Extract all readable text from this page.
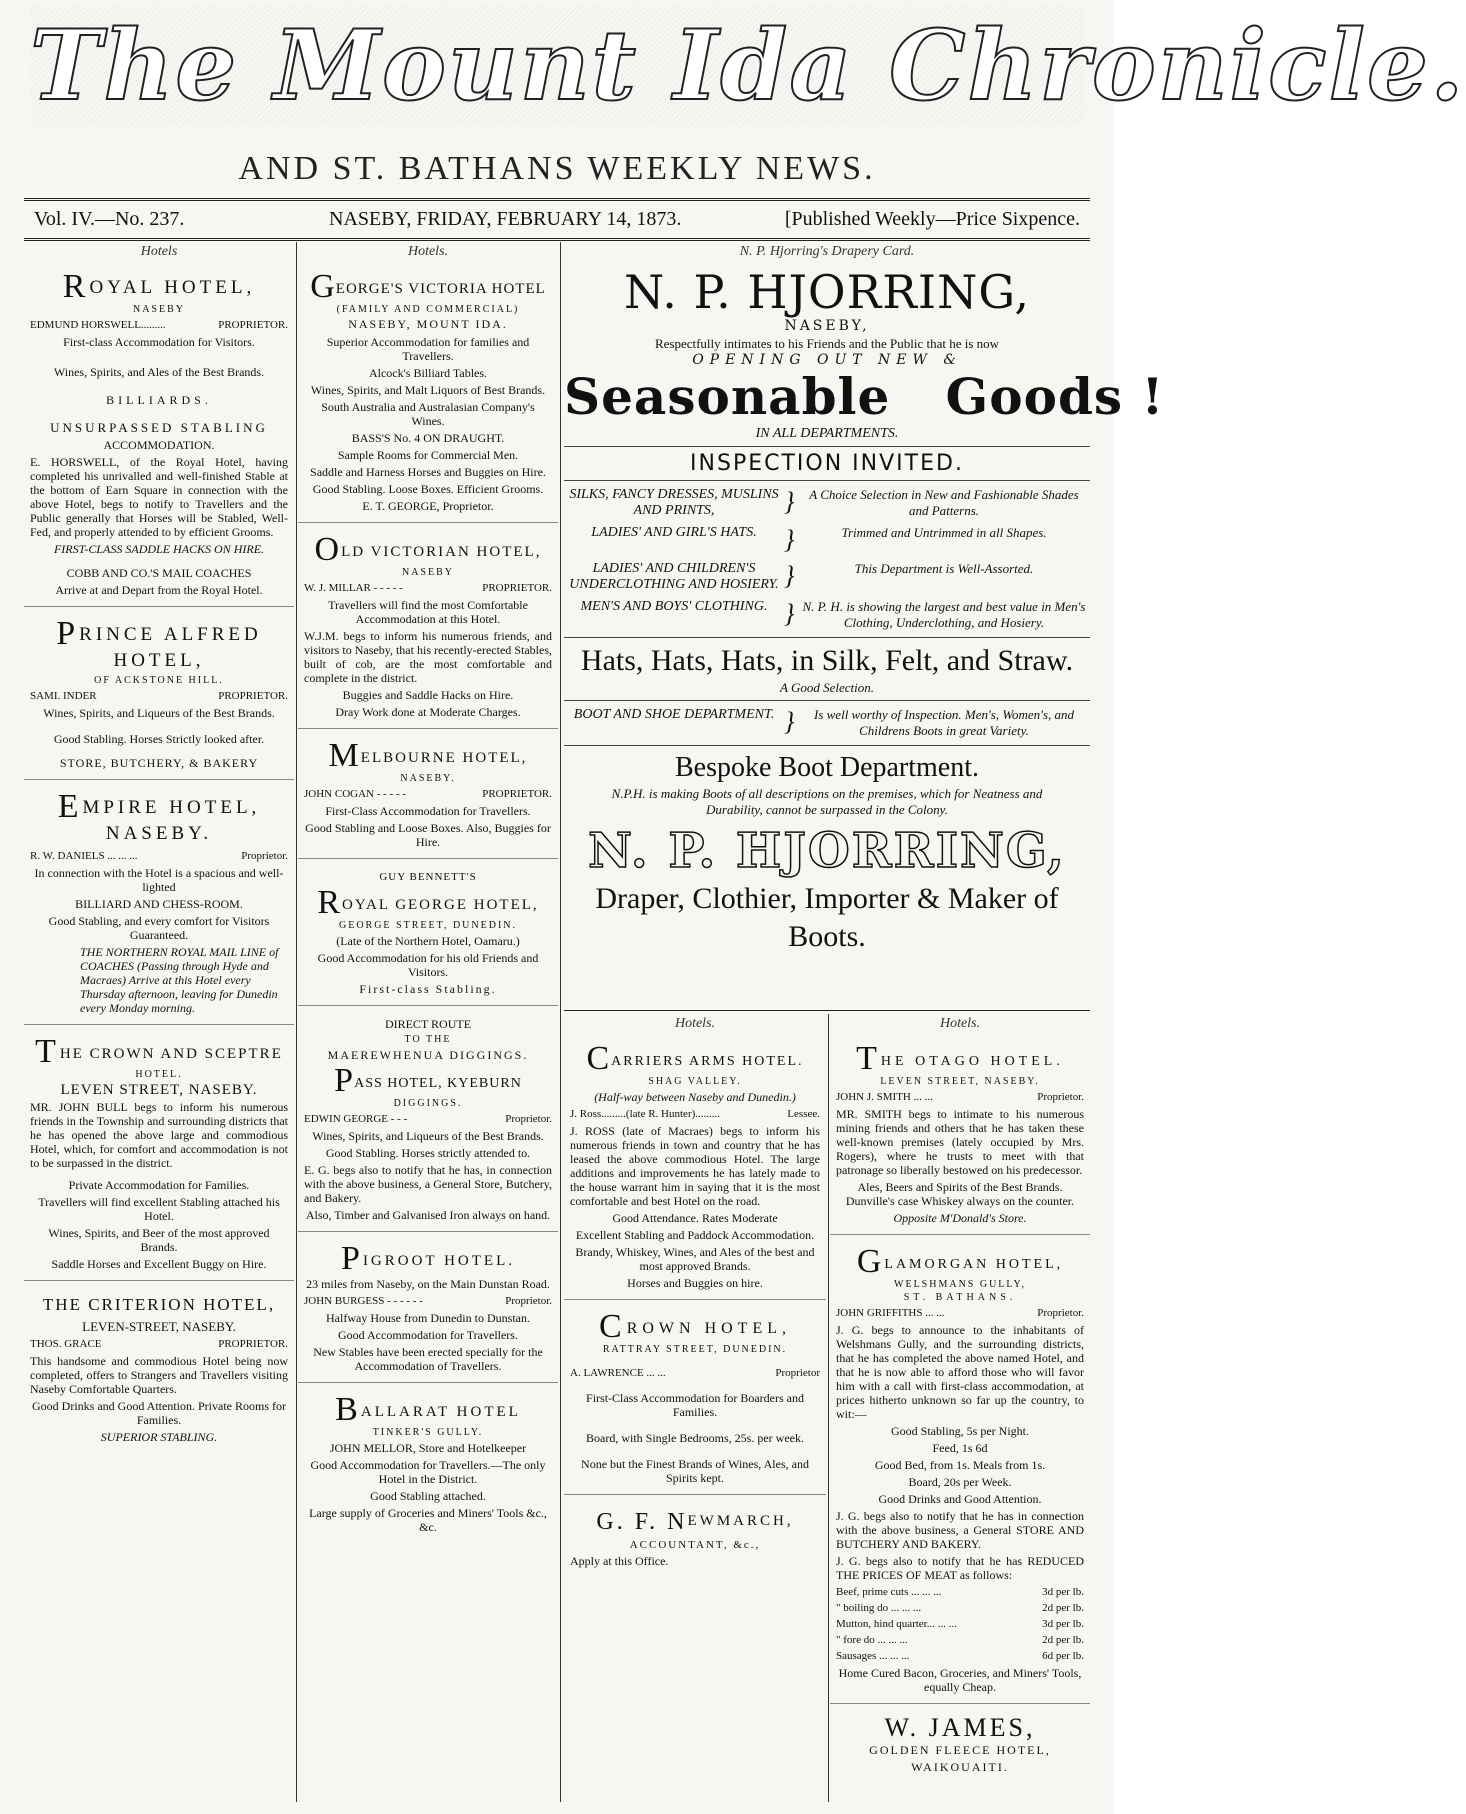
The Mount Ida Chronicle.
AND ST. BATHANS WEEKLY NEWS.
Vol. IV.—No. 237.	NASEBY, FRIDAY, FEBRUARY 14, 1873.	[Published Weekly—Price Sixpence.
Hotels
ROYAL HOTEL,
NASEBY
EDMUND HORSWELL.........	PROPRIETOR.

First-class Accommodation for Visitors.

Wines, Spirits, and Ales of the Best Brands.

BILLIARDS.

UNSURPASSED STABLING

ACCOMMODATION.

E. HORSWELL, of the Royal Hotel, having completed his unrivalled and well-finished Stable at the bottom of Earn Square in connection with the above Hotel, begs to notify to Travellers and the Public generally that Horses will be Stabled, Well-Fed, and properly attended to by efficient Grooms.

FIRST-CLASS SADDLE HACKS ON HIRE.

COBB AND CO.'S MAIL COACHES

Arrive at and Depart from the Royal Hotel.

PRINCE ALFRED HOTEL,
OF ACKSTONE HILL.
SAMI. INDER	PROPRIETOR.

Wines, Spirits, and Liqueurs of the Best Brands.

Good Stabling. Horses Strictly looked after.

STORE, BUTCHERY, & BAKERY

EMPIRE HOTEL, NASEBY.
R. W. DANIELS ... ... ...	Proprietor.

In connection with the Hotel is a spacious and well-lighted

BILLIARD AND CHESS-ROOM.

Good Stabling, and every comfort for Visitors Guaranteed.

THE NORTHERN ROYAL MAIL LINE of COACHES (Passing through Hyde and Macraes) Arrive at this Hotel every Thursday afternoon, leaving for Dunedin every Monday morning.

THE CROWN AND SCEPTRE
HOTEL.

LEVEN STREET, NASEBY.

MR. JOHN BULL begs to inform his numerous friends in the Township and surrounding districts that he has opened the above large and commodious Hotel, which, for comfort and accommodation is not to be surpassed in the district.

Private Accommodation for Families.

Travellers will find excellent Stabling attached his Hotel.

Wines, Spirits, and Beer of the most approved Brands.

Saddle Horses and Excellent Buggy on Hire.

THE CRITERION HOTEL,

LEVEN-STREET, NASEBY.

THOS. GRACE	PROPRIETOR.

This handsome and commodious Hotel being now completed, offers to Strangers and Travellers visiting Naseby Comfortable Quarters.

Good Drinks and Good Attention. Private Rooms for Families.

SUPERIOR STABLING.

Hotels.
GEORGE'S VICTORIA HOTEL
(FAMILY AND COMMERCIAL)
NASEBY, MOUNT IDA.

Superior Accommodation for families and Travellers.

Alcock's Billiard Tables.

Wines, Spirits, and Malt Liquors of Best Brands.

South Australia and Australasian Company's Wines.

BASS'S No. 4 ON DRAUGHT.

Sample Rooms for Commercial Men.

Saddle and Harness Horses and Buggies on Hire.

Good Stabling. Loose Boxes. Efficient Grooms.

E. T. GEORGE, Proprietor.

OLD VICTORIAN HOTEL,
NASEBY
W. J. MILLAR - - - - -	PROPRIETOR.

Travellers will find the most Comfortable Accommodation at this Hotel.

W.J.M. begs to inform his numerous friends, and visitors to Naseby, that his recently-erected Stables, built of cob, are the most comfortable and complete in the district.

Buggies and Saddle Hacks on Hire.

Dray Work done at Moderate Charges.

MELBOURNE HOTEL,
NASEBY.
JOHN COGAN - - - - -	PROPRIETOR.

First-Class Accommodation for Travellers.

Good Stabling and Loose Boxes. Also, Buggies for Hire.

GUY BENNETT'S

ROYAL GEORGE HOTEL,
GEORGE STREET, DUNEDIN.

(Late of the Northern Hotel, Oamaru.)

Good Accommodation for his old Friends and Visitors.

First-class Stabling.

DIRECT ROUTE

TO THE

MAEREWHENUA DIGGINGS.

PASS HOTEL, KYEBURN
DIGGINGS.
EDWIN GEORGE - - -	Proprietor.

Wines, Spirits, and Liqueurs of the Best Brands.

Good Stabling. Horses strictly attended to.

E. G. begs also to notify that he has, in connection with the above business, a General Store, Butchery, and Bakery.

Also, Timber and Galvanised Iron always on hand.

PIGROOT HOTEL.

23 miles from Naseby, on the Main Dunstan Road.

JOHN BURGESS - - - - - -	Proprietor.

Halfway House from Dunedin to Dunstan.

Good Accommodation for Travellers.

New Stables have been erected specially for the Accommodation of Travellers.

BALLARAT HOTEL
TINKER'S GULLY.

JOHN MELLOR, Store and Hotelkeeper

Good Accommodation for Travellers.—The only Hotel in the District.

Good Stabling attached.

Large supply of Groceries and Miners' Tools &c., &c.

N. P. Hjorring's Drapery Card.
N. P. HJORRING,
NASEBY,
Respectfully intimates to his Friends and the Public that he is now
OPENING OUT NEW &
Seasonable   Goods !
IN ALL DEPARTMENTS.
INSPECTION INVITED.
SILKS, FANCY DRESSES, MUSLINS AND PRINTS,	}	A Choice Selection in New and Fashionable Shades and Patterns.
LADIES' AND GIRL'S HATS.	}	Trimmed and Untrimmed in all Shapes.
LADIES' AND CHILDREN'S UNDERCLOTHING AND HOSIERY. }	This Department is Well-Assorted.
MEN'S AND BOYS' CLOTHING. } N. P. H. is showing the largest and best value in Men's Clothing, Underclothing, and Hosiery.
Hats, Hats, Hats, in Silk, Felt, and Straw.
A Good Selection.
BOOT AND SHOE DEPARTMENT. }	Is well worthy of Inspection. Men's, Women's, and Childrens Boots in great Variety.
Bespoke Boot Department.
N.P.H. is making Boots of all descriptions on the premises, which for Neatness and Durability, cannot be surpassed in the Colony.
N. P. HJORRING,
Draper, Clothier, Importer & Maker of Boots.
Hotels.
CARRIERS ARMS HOTEL.
SHAG VALLEY.

(Half-way between Naseby and Dunedin.)

J. Ross.........(late R. Hunter).........	Lessee.

J. ROSS (late of Macraes) begs to inform his numerous friends in town and country that he has leased the above commodious Hotel. The large additions and improvements he has lately made to the house warrant him in saying that it is the most comfortable and best Hotel on the road.

Good Attendance. Rates Moderate

Excellent Stabling and Paddock Accommodation.

Brandy, Whiskey, Wines, and Ales of the best and most approved Brands.

Horses and Buggies on hire.

CROWN HOTEL,
RATTRAY STREET, DUNEDIN.
A. LAWRENCE ... ...	Proprietor

First-Class Accommodation for Boarders and Families.

Board, with Single Bedrooms, 25s. per week.

None but the Finest Brands of Wines, Ales, and Spirits kept.

G. F. NEWMARCH,
ACCOUNTANT, &c.,

Apply at this Office.

Hotels.
THE OTAGO HOTEL.
LEVEN STREET, NASEBY.
JOHN J. SMITH ... ...	Proprietor.

MR. SMITH begs to intimate to his numerous mining friends and others that he has taken these well-known premises (lately occupied by Mrs. Rogers), where he trusts to meet with that patronage so liberally bestowed on his predecessor.

Ales, Beers and Spirits of the Best Brands. Dunville's case Whiskey always on the counter.

Opposite M'Donald's Store.

GLAMORGAN HOTEL,
WELSHMANS GULLY,
ST. BATHANS.
JOHN GRIFFITHS ... ...	Proprietor.

J. G. begs to announce to the inhabitants of Welshmans Gully, and the surrounding districts, that he has completed the above named Hotel, and that he is now able to afford those who will favor him with a call with first-class accommodation, at prices hitherto unknown so far up the country, to wit:—

Good Stabling, 5s per Night.

Feed, 1s 6d

Good Bed, from 1s. Meals from 1s.

Board, 20s per Week.

Good Drinks and Good Attention.

J. G. begs also to notify that he has in connection with the above business, a General STORE AND BUTCHERY AND BAKERY.

J. G. begs also to notify that he has REDUCED THE PRICES OF MEAT as follows:

Beef, prime cuts ... ... ...	3d per lb.
" boiling do ... ... ...	2d per lb.
Mutton, hind quarter... ... ...	3d per lb.
" fore do ... ... ...	2d per lb.
Sausages ... ... ...	6d per lb.

Home Cured Bacon, Groceries, and Miners' Tools, equally Cheap.

W. JAMES,

GOLDEN FLEECE HOTEL,

WAIKOUAITI.
